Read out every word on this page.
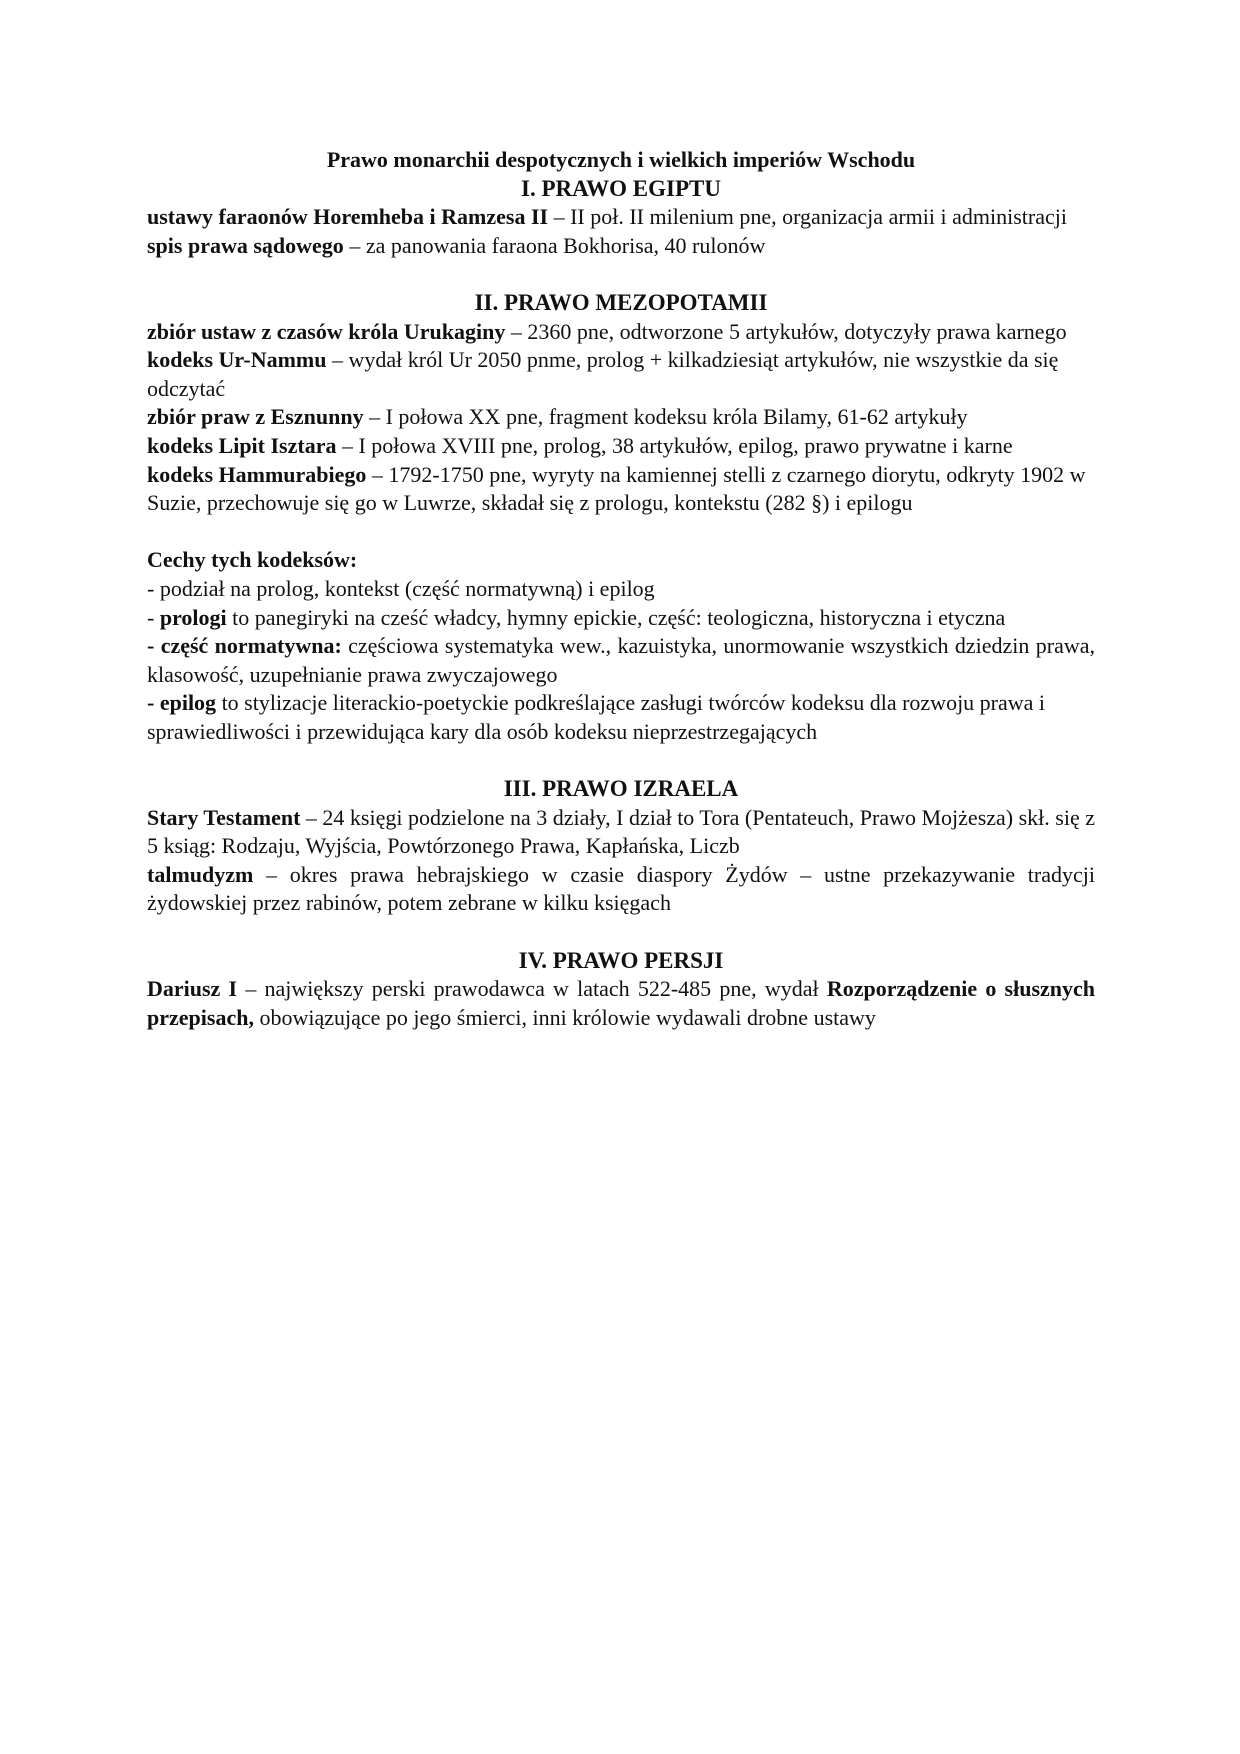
Prawo monarchii despotycznych i wielkich imperiów Wschodu

I. PRAWO EGIPTU

ustawy faraonów Horemheba i Ramzesa II – II poł. II milenium pne, organizacja armii i administracji

spis prawa sądowego – za panowania faraona Bokhorisa, 40 rulonów

II. PRAWO MEZOPOTAMII

zbiór ustaw z czasów króla Urukaginy – 2360 pne, odtworzone 5 artykułów, dotyczyły prawa karnego

kodeks Ur-Nammu – wydał król Ur 2050 pnme, prolog + kilkadziesiąt artykułów, nie wszystkie da się odczytać

zbiór praw z Esznunny – I połowa XX pne, fragment kodeksu króla Bilamy, 61-62 artykuły

kodeks Lipit Isztara – I połowa XVIII pne, prolog, 38 artykułów, epilog, prawo prywatne i karne

kodeks Hammurabiego – 1792-1750 pne, wyryty na kamiennej stelli z czarnego diorytu, odkryty 1902 w Suzie, przechowuje się go w Luwrze, składał się z prologu, kontekstu (282 §) i epilogu

Cechy tych kodeksów:

- podział na prolog, kontekst (część normatywną) i epilog

- prologi to panegiryki na cześć władcy, hymny epickie, część: teologiczna, historyczna i etyczna

- część normatywna: częściowa systematyka wew., kazuistyka, unormowanie wszystkich dziedzin prawa, klasowość, uzupełnianie prawa zwyczajowego

- epilog to stylizacje literackio-poetyckie podkreślające zasługi twórców kodeksu dla rozwoju prawa i sprawiedliwości i przewidująca kary dla osób kodeksu nieprzestrzegających

III. PRAWO IZRAELA

Stary Testament – 24 księgi podzielone na 3 działy, I dział to Tora (Pentateuch, Prawo Mojżesza) skł. się z 5 ksiąg: Rodzaju, Wyjścia, Powtórzonego Prawa, Kapłańska, Liczb

talmudyzm – okres prawa hebrajskiego w czasie diaspory Żydów – ustne przekazywanie tradycji żydowskiej przez rabinów, potem zebrane w kilku księgach

IV. PRAWO PERSJI

Dariusz I – największy perski prawodawca w latach 522-485 pne, wydał Rozporządzenie o słusznych przepisach, obowiązujące po jego śmierci, inni królowie wydawali drobne ustawy
